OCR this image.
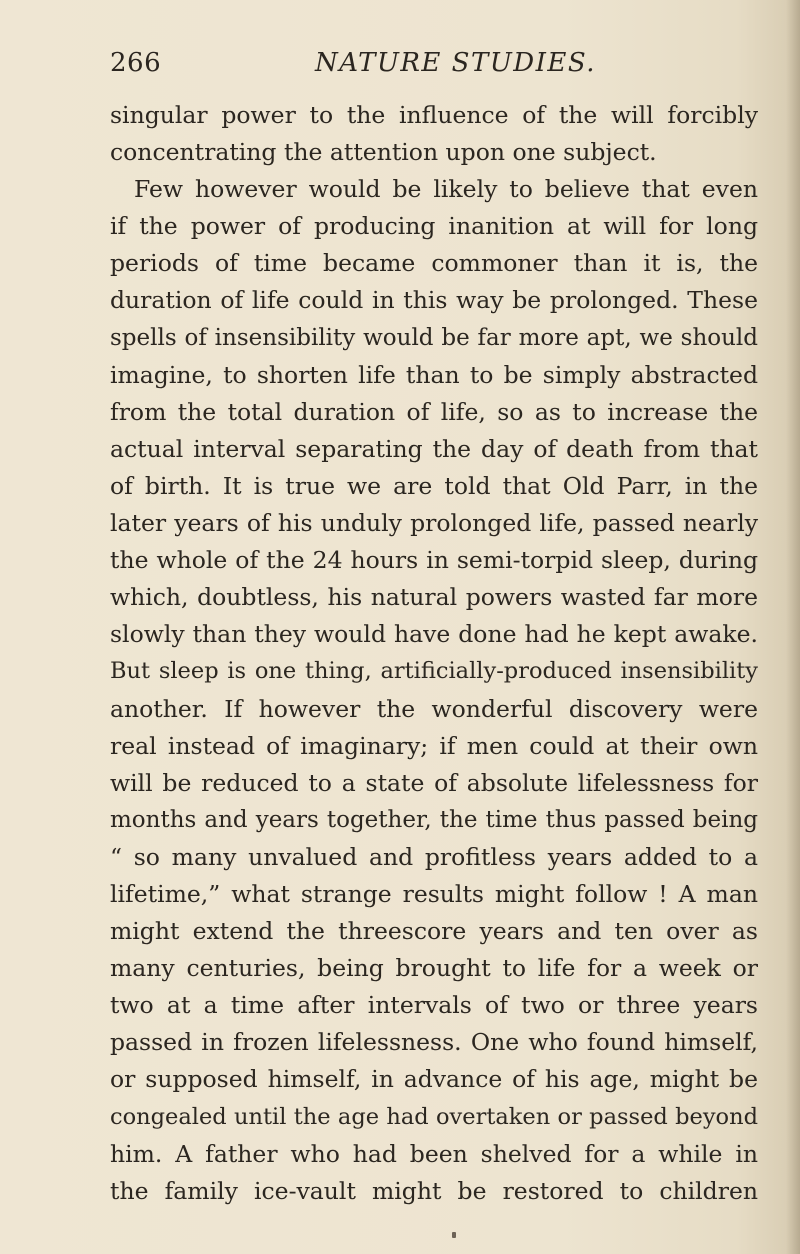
266	NATURE STUDIES.
singular power to the influence of the will forcibly
concentrating the attention upon one subject.
Few however would be likely to believe that even
if the power of producing inanition at will for long
periods of time became commoner than it is, the
duration of life could in this way be prolonged. These
spells of insensibility would be far more apt, we should
imagine, to shorten life than to be simply abstracted
from the total duration of life, so as to increase the
actual interval separating the day of death from that
of birth. It is true we are told that Old Parr, in the
later years of his unduly prolonged life, passed nearly
the whole of the 24 hours in semi-torpid sleep, during
which, doubtless, his natural powers wasted far more
slowly than they would have done had he kept awake.
But sleep is one thing, artificially-produced insensibility
another. If however the wonderful discovery were
real instead of imaginary; if men could at their own
will be reduced to a state of absolute lifelessness for
months and years together, the time thus passed being
“ so many unvalued and profitless years added to a
lifetime,” what strange results might follow ! A man
might extend the threescore years and ten over as
many centuries, being brought to life for a week or
two at a time after intervals of two or three years
passed in frozen lifelessness. One who found himself,
or supposed himself, in advance of his age, might be
congealed until the age had overtaken or passed beyond
him. A father who had been shelved for a while in
the family ice-vault might be restored to children
